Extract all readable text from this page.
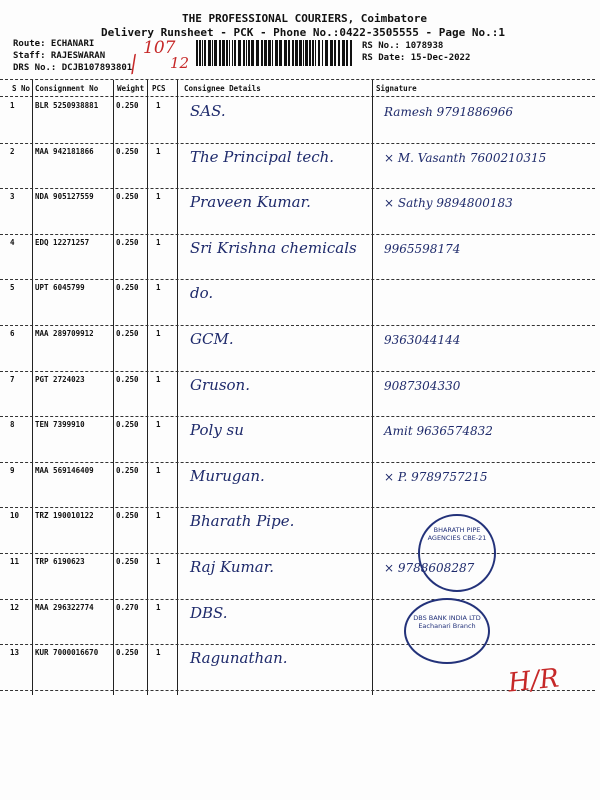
THE PROFESSIONAL COURIERS, Coimbatore
Delivery Runsheet - PCK - Phone No.:0422-3505555 - Page No.:1
Route: ECHANARI
Staff: RAJESWARAN
DRS No.: DCJB107893801
RS No.: 1078938
RS Date: 15-Dec-2022
107
/ 12
S No Consignment No	Weight PCS Consignee Details	Signature
1	BLR 5250938881 0.250 1 SAS.	Ramesh 9791886966
2	MAA 942181866	0.250 1 The Principal tech.	× M. Vasanth 7600210315
3	NDA 905127559	0.250 1 Praveen Kumar.	× Sathy 9894800183
4	EDQ 12271257	0.250 1 Sri Krishna chemicals 9965598174
5	UPT 6045799	0.250 1 do.
6	MAA 289709912	0.250 1 GCM.	9363044144
7	PGT 2724023	0.250 1 Gruson.	9087304330
8	TEN 7399910	0.250 1 Poly su	Amit 9636574832
9	MAA 569146409	0.250 1 Murugan.	× P. 9789757215
10 TRZ 190010122	0.250 1 Bharath Pipe.
11 TRP 6190623	0.250 1 Raj Kumar.	× 9788608287
12 MAA 296322774	0.270 1 DBS.
13 KUR 7000016670 0.250 1 Ragunathan.
BHARATH PIPE AGENCIES CBE-21
DBS BANK INDIA LTD Eachanari Branch
H/R
